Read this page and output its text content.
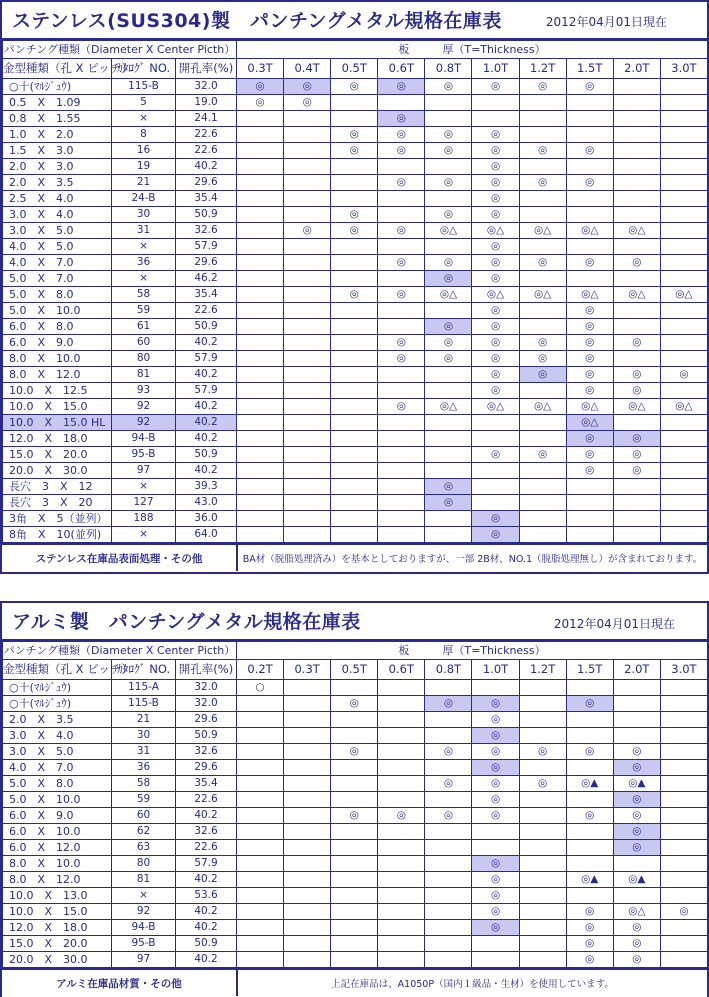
ステンレス(SUS304)製　パンチングメタル規格在庫表	2012年04月01日現在
パンチング種類（Diameter X Center Picth）			板　　　厚（T=Thickness）									
金型種類（孔 X ピッチ）	ｶﾀﾛｸﾞ NO.	開孔率(%)	0.3T	0.4T	0.5T	0.6T	0.8T	1.0T	1.2T	1.5T	2.0T	3.0T
○十(ﾏﾙｼﾞｭｳ)	115-B	32.0	◎	◎	◎	◎	◎	◎	◎	◎		
0.5　X　1.09	5	19.0	◎	◎								
0.8　X　1.55	×	24.1				◎						
1.0　X　2.0	8	22.6			◎	◎	◎	◎				
1.5　X　3.0	16	22.6			◎	◎	◎	◎	◎	◎		
2.0　X　3.0	19	40.2						◎				
2.0　X　3.5	21	29.6				◎	◎	◎	◎	◎		
2.5　X　4.0	24-B	35.4						◎				
3.0　X　4.0	30	50.9			◎		◎	◎				
3.0　X　5.0	31	32.6		◎	◎	◎	◎△	◎△	◎△	◎△	◎△	
4.0　X　5.0	×	57.9						◎				
4.0　X　7.0	36	29.6				◎	◎	◎	◎	◎	◎	
5.0　X　7.0	×	46.2					◎	◎				
5.0　X　8.0	58	35.4			◎	◎	◎△	◎△	◎△	◎△	◎△	◎△
5.0　X　10.0	59	22.6						◎		◎		
6.0　X　8.0	61	50.9					◎	◎		◎		
6.0　X　9.0	60	40.2				◎	◎	◎	◎	◎	◎	
8.0　X　10.0	80	57.9				◎	◎	◎	◎	◎		
8.0　X　12.0	81	40.2						◎	◎	◎	◎	◎
10.0　X　12.5	93	57.9						◎		◎	◎	
10.0　X　15.0	92	40.2				◎	◎△	◎△	◎△	◎△	◎△	◎△
10.0　X　15.0 HL	92	40.2								◎△		
12.0　X　18.0	94-B	40.2								◎	◎	
15.0　X　20.0	95-B	50.9						◎	◎	◎	◎	
20.0　X　30.0	97	40.2								◎	◎	
長穴　3　X　12	×	39.3					◎					
長穴　3　X　20	127	43.0					◎					
3角　X　5（並列）	188	36.0						◎				
8角　X　10(並列)	×	64.0						◎				
ステンレス在庫品表面処理・その他	BA材（脱脂処理済み）を基本としておりますが、一部 2B材、NO.1（脱脂処理無し）が含まれております。
アルミ製　パンチングメタル規格在庫表	2012年04月01日現在
パンチング種類（Diameter X Center Picth）			板　　　厚（T=Thickness）									
金型種類（孔 X ピッチ）	ｶﾀﾛｸﾞ NO.	開孔率(%)	0.2T	0.3T	0.5T	0.6T	0.8T	1.0T	1.2T	1.5T	2.0T	3.0T
○十(ﾏﾙｼﾞｭｳ)	115-A	32.0	○									
○十(ﾏﾙｼﾞｭｳ)	115-B	32.0			◎		◎	◎		◎		
2.0　X　3.5	21	29.6						◎				
3.0　X　4.0	30	50.9						◎				
3.0　X　5.0	31	32.6			◎		◎	◎	◎	◎	◎	
4.0　X　7.0	36	29.6						◎			◎	
5.0　X　8.0	58	35.4					◎	◎	◎	◎▲	◎▲	
5.0　X　10.0	59	22.6						◎			◎	
6.0　X　9.0	60	40.2			◎	◎	◎	◎		◎	◎	
6.0　X　10.0	62	32.6									◎	
6.0　X　12.0	63	22.6									◎	
8.0　X　10.0	80	57.9						◎				
8.0　X　12.0	81	40.2						◎		◎▲	◎▲	
10.0　X　13.0	×	53.6						◎				
10.0　X　15.0	92	40.2						◎		◎	◎△	◎
12.0　X　18.0	94-B	40.2						◎		◎	◎	
15.0　X　20.0	95-B	50.9								◎	◎	
20.0　X　30.0	97	40.2								◎	◎	
アルミ在庫品材質・その他	上記在庫品は、A1050P（国内１級品・生材）を使用しています。
